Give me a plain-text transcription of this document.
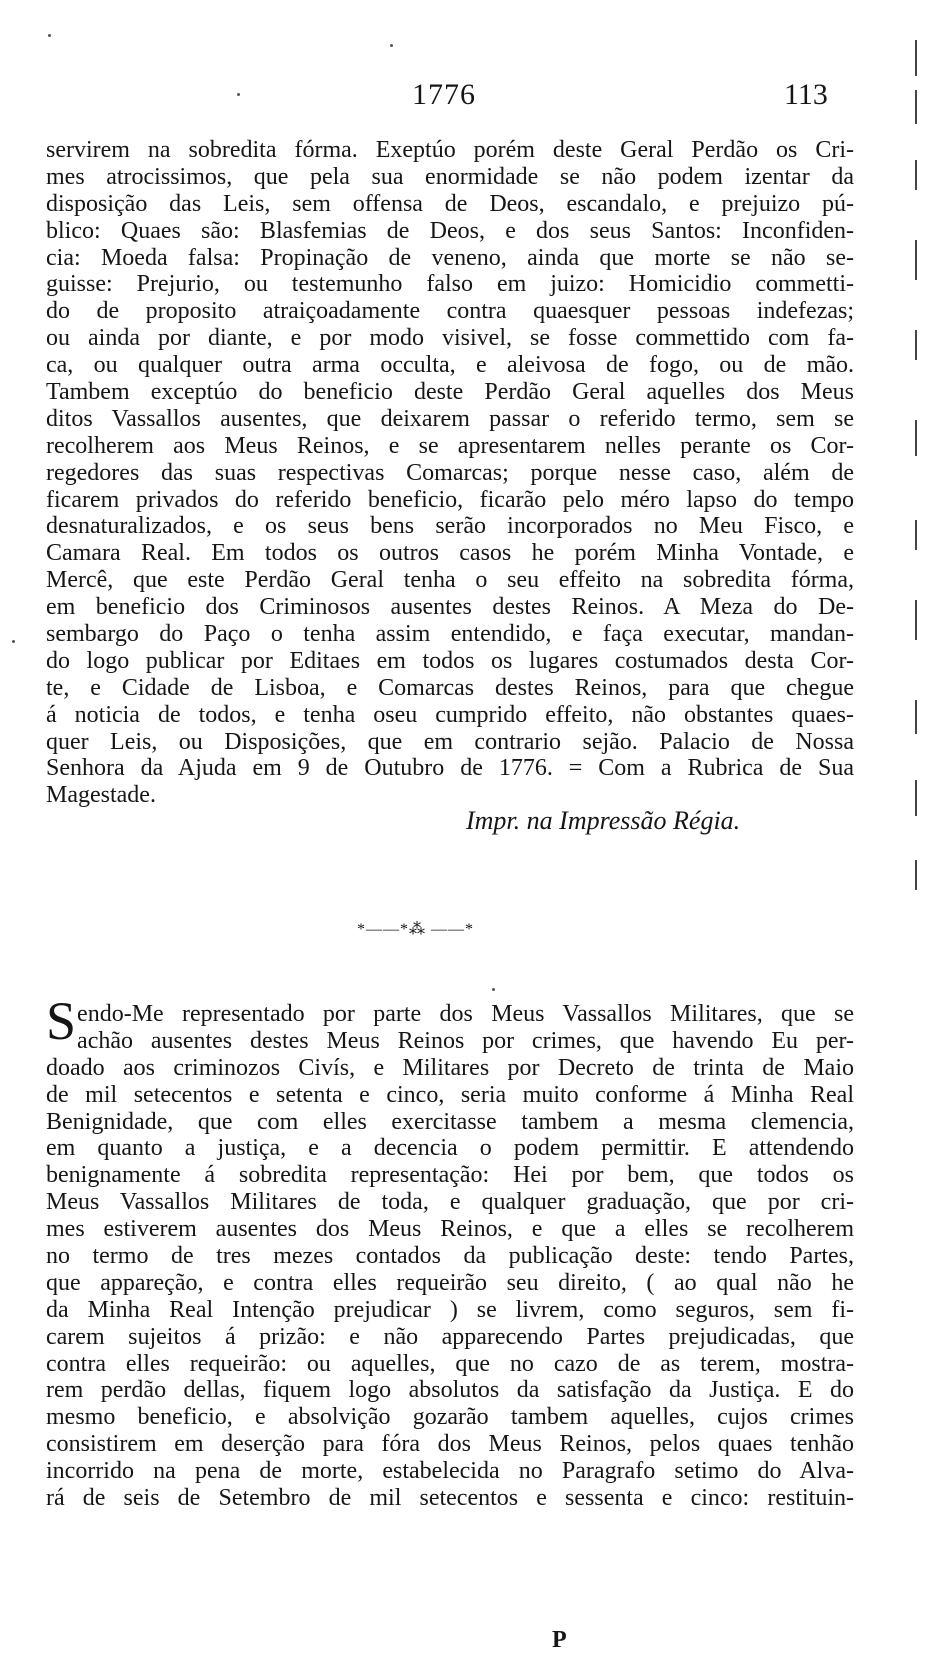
1776	113
servirem na sobredita fórma. Exeptúo porém deste Geral Perdão os Cri-
mes atrocissimos, que pela sua enormidade se não podem izentar da
disposição das Leis, sem offensa de Deos, escandalo, e prejuizo pú-
blico: Quaes são: Blasfemias de Deos, e dos seus Santos: Inconfiden-
cia: Moeda falsa: Propinação de veneno, ainda que morte se não se-
guisse: Prejurio, ou testemunho falso em juizo: Homicidio commetti-
do de proposito atraiçoadamente contra quaesquer pessoas indefezas;
ou ainda por diante, e por modo visivel, se fosse commettido com fa-
ca, ou qualquer outra arma occulta, e aleivosa de fogo, ou de mão.
Tambem exceptúo do beneficio deste Perdão Geral aquelles dos Meus
ditos Vassallos ausentes, que deixarem passar o referido termo, sem se
recolherem aos Meus Reinos, e se apresentarem nelles perante os Cor-
regedores das suas respectivas Comarcas; porque nesse caso, além de
ficarem privados do referido beneficio, ficarão pelo méro lapso do tempo
desnaturalizados, e os seus bens serão incorporados no Meu Fisco, e
Camara Real. Em todos os outros casos he porém Minha Vontade, e
Mercê, que este Perdão Geral tenha o seu effeito na sobredita fórma,
em beneficio dos Criminosos ausentes destes Reinos. A Meza do De-
sembargo do Paço o tenha assim entendido, e faça executar, mandan-
do logo publicar por Editaes em todos os lugares costumados desta Cor-
te, e Cidade de Lisboa, e Comarcas destes Reinos, para que chegue
á noticia de todos, e tenha oseu cumprido effeito, não obstantes quaes-
quer Leis, ou Disposições, que em contrario sejão. Palacio de Nossa
Senhora da Ajuda em 9 de Outubro de 1776. = Com a Rubrica de Sua
Magestade.
Impr. na Impressão Régia.
*——*⁂ ——*
S endo-Me representado por parte dos Meus Vassallos Militares, que se
achão ausentes destes Meus Reinos por crimes, que havendo Eu per-
doado aos criminozos Civís, e Militares por Decreto de trinta de Maio
de mil setecentos e setenta e cinco, seria muito conforme á Minha Real
Benignidade, que com elles exercitasse tambem a mesma clemencia,
em quanto a justiça, e a decencia o podem permittir. E attendendo
benignamente á sobredita representação: Hei por bem, que todos os
Meus Vassallos Militares de toda, e qualquer graduação, que por cri-
mes estiverem ausentes dos Meus Reinos, e que a elles se recolherem
no termo de tres mezes contados da publicação deste: tendo Partes,
que appareção, e contra elles requeirão seu direito, ( ao qual não he
da Minha Real Intenção prejudicar ) se livrem, como seguros, sem fi-
carem sujeitos á prizão: e não apparecendo Partes prejudicadas, que
contra elles requeirão: ou aquelles, que no cazo de as terem, mostra-
rem perdão dellas, fiquem logo absolutos da satisfação da Justiça. E do
mesmo beneficio, e absolvição gozarão tambem aquelles, cujos crimes
consistirem em deserção para fóra dos Meus Reinos, pelos quaes tenhão
incorrido na pena de morte, estabelecida no Paragrafo setimo do Alva-
rá de seis de Setembro de mil setecentos e sessenta e cinco: restituin-
P
